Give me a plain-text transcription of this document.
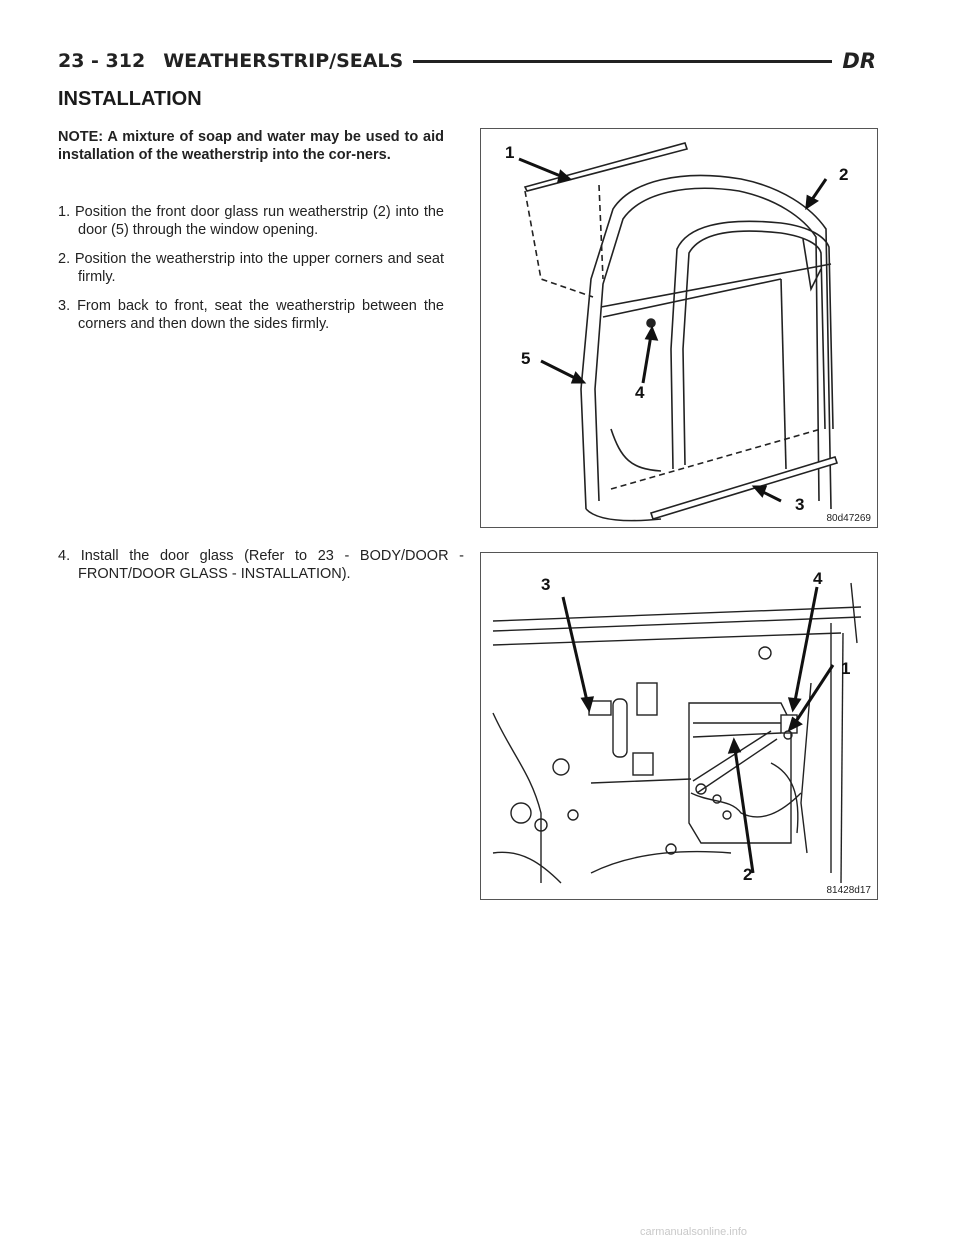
23 - 312 WEATHERSTRIP/SEALS	DR
INSTALLATION
NOTE: A mixture of soap and water may be used to aid installation of the weatherstrip into the cor-ners.
1. Position the front door glass run weatherstrip (2) into the door (5) through the window opening.
2. Position the weatherstrip into the upper corners and seat firmly.
3. From back to front, seat the weatherstrip between the corners and then down the sides firmly.
4. Install the door glass (Refer to 23 - BODY/DOOR - FRONT/DOOR GLASS - INSTALLATION).
1
2
3
4
5
80d47269
3	4
1
2
81428d17
carmanualsonline.info
